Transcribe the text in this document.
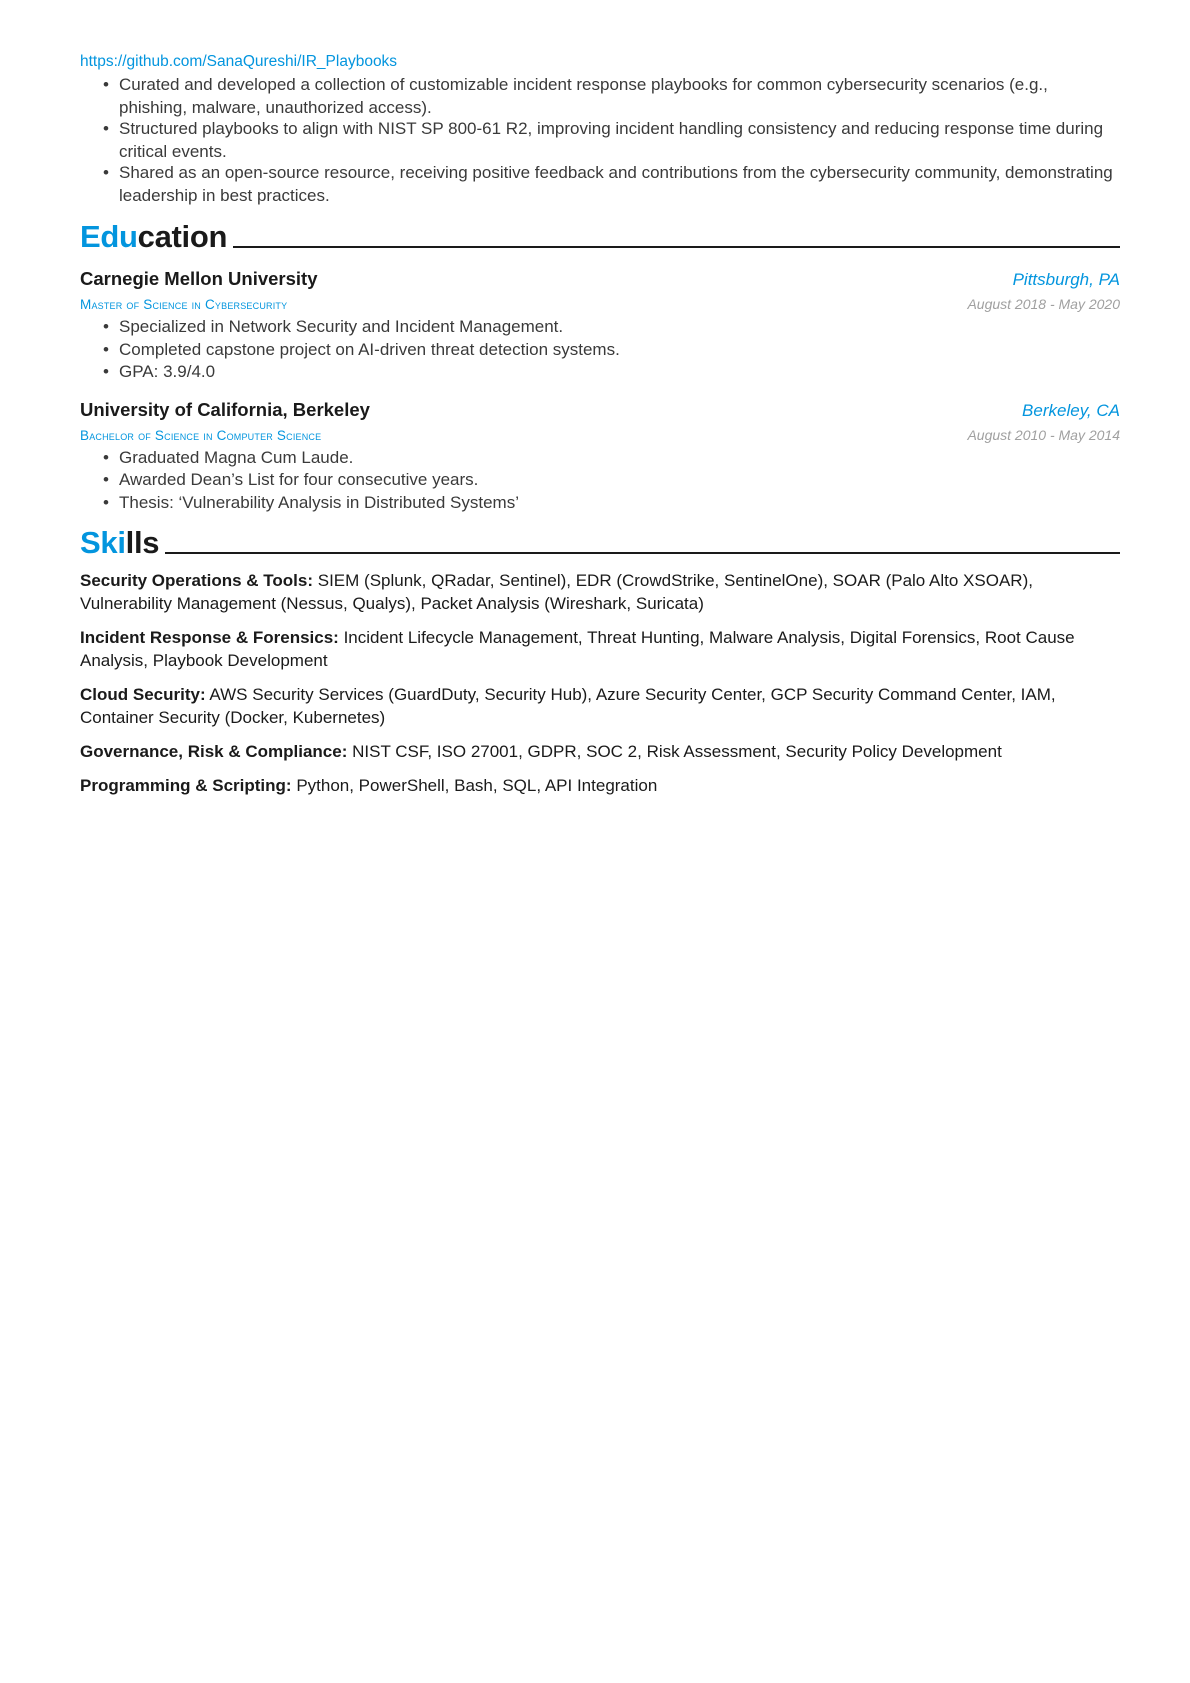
https://github.com/SanaQureshi/IR_Playbooks
• Curated and developed a collection of customizable incident response playbooks for common cybersecurity scenarios (e.g., phishing, malware, unauthorized access).
• Structured playbooks to align with NIST SP 800-61 R2, improving incident handling consistency and reducing response time during critical events.
• Shared as an open-source resource, receiving positive feedback and contributions from the cybersecurity community, demonstrating leadership in best practices.
Education
Carnegie Mellon University	Pittsburgh, PA
Master of Science in Cybersecurity	August 2018 - May 2020
• Specialized in Network Security and Incident Management.
• Completed capstone project on AI-driven threat detection systems.
• GPA: 3.9/4.0
University of California, Berkeley	Berkeley, CA
Bachelor of Science in Computer Science	August 2010 - May 2014
• Graduated Magna Cum Laude.
• Awarded Dean’s List for four consecutive years.
• Thesis: ‘Vulnerability Analysis in Distributed Systems’
Skills
Security Operations & Tools: SIEM (Splunk, QRadar, Sentinel), EDR (CrowdStrike, SentinelOne), SOAR (Palo Alto XSOAR), Vulnerability Management (Nessus, Qualys), Packet Analysis (Wireshark, Suricata)
Incident Response & Forensics: Incident Lifecycle Management, Threat Hunting, Malware Analysis, Digital Forensics, Root Cause Analysis, Playbook Development
Cloud Security: AWS Security Services (GuardDuty, Security Hub), Azure Security Center, GCP Security Command Center, IAM, Container Security (Docker, Kubernetes)
Governance, Risk & Compliance: NIST CSF, ISO 27001, GDPR, SOC 2, Risk Assessment, Security Policy Development
Programming & Scripting: Python, PowerShell, Bash, SQL, API Integration
